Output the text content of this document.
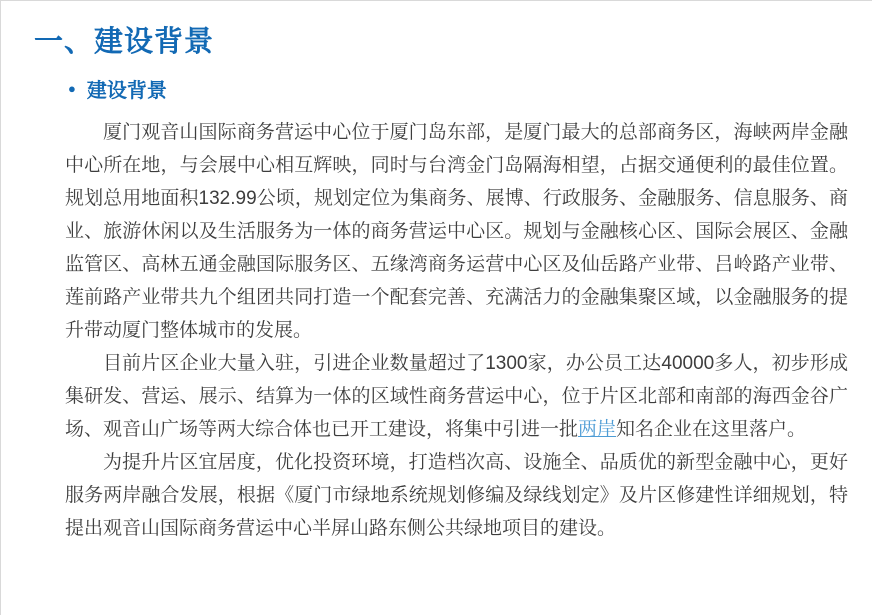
一、建设背景
● 建设背景

厦门观音山国际商务营运中心位于厦门岛东部，是厦门最大的总部商务区，海峡两岸金融中心所在地，与会展中心相互辉映，同时与台湾金门岛隔海相望，占据交通便利的最佳位置。规划总用地面积132.99公顷，规划定位为集商务、展博、行政服务、金融服务、信息服务、商业、旅游休闲以及生活服务为一体的商务营运中心区。规划与金融核心区、国际会展区、金融监管区、高林五通金融国际服务区、五缘湾商务运营中心区及仙岳路产业带、吕岭路产业带、莲前路产业带共九个组团共同打造一个配套完善、充满活力的金融集聚区域，以金融服务的提升带动厦门整体城市的发展。

目前片区企业大量入驻，引进企业数量超过了1300家，办公员工达40000多人，初步形成集研发、营运、展示、结算为一体的区域性商务营运中心，位于片区北部和南部的海西金谷广场、观音山广场等两大综合体也已开工建设，将集中引进一批两岸知名企业在这里落户。

为提升片区宜居度，优化投资环境，打造档次高、设施全、品质优的新型金融中心，更好服务两岸融合发展，根据《厦门市绿地系统规划修编及绿线划定》及片区修建性详细规划，特提出观音山国际商务营运中心半屏山路东侧公共绿地项目的建设。
